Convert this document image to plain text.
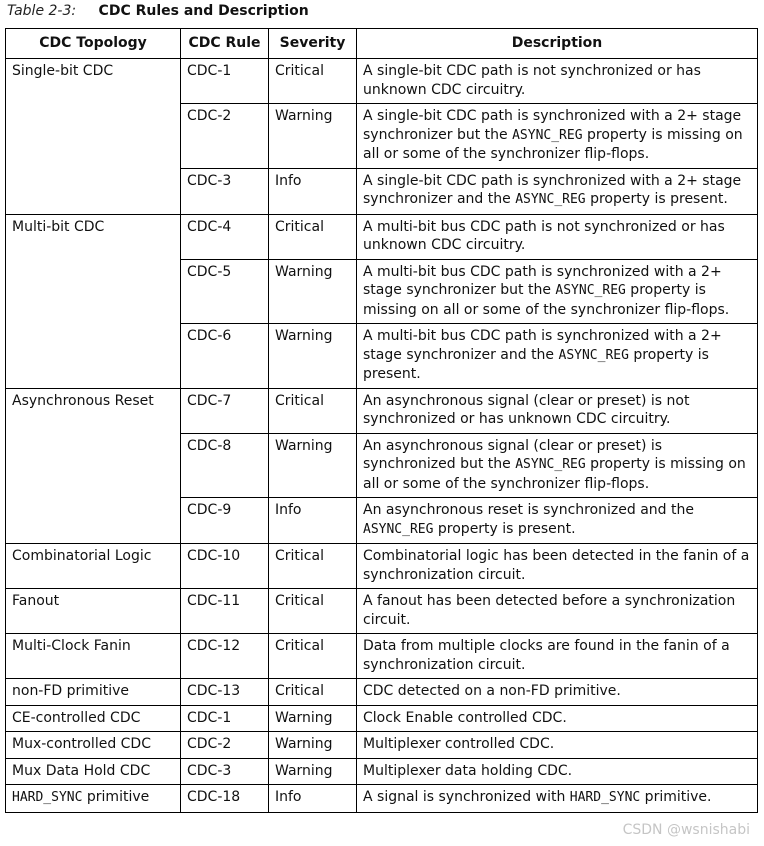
Table 2-3: CDC Rules and Description
CDC Topology	CDC Rule	Severity	Description
Single-bit CDC	CDC-1	Critical	A single-bit CDC path is not synchronized or has unknown CDC circuitry.
	CDC-2	Warning	A single-bit CDC path is synchronized with a 2+ stage synchronizer but the ASYNC_REG property is missing on all or some of the synchronizer flip-flops.
	CDC-3	Info	A single-bit CDC path is synchronized with a 2+ stage synchronizer and the ASYNC_REG property is present.
Multi-bit CDC	CDC-4	Critical	A multi-bit bus CDC path is not synchronized or has unknown CDC circuitry.
	CDC-5	Warning	A multi-bit bus CDC path is synchronized with a 2+ stage synchronizer but the ASYNC_REG property is missing on all or some of the synchronizer flip-flops.
	CDC-6	Warning	A multi-bit bus CDC path is synchronized with a 2+ stage synchronizer and the ASYNC_REG property is present.
Asynchronous Reset	CDC-7	Critical	An asynchronous signal (clear or preset) is not synchronized or has unknown CDC circuitry.
	CDC-8	Warning	An asynchronous signal (clear or preset) is synchronized but the ASYNC_REG property is missing on all or some of the synchronizer flip-flops.
	CDC-9	Info	An asynchronous reset is synchronized and the ASYNC_REG property is present.
Combinatorial Logic	CDC-10	Critical	Combinatorial logic has been detected in the fanin of a synchronization circuit.
Fanout	CDC-11	Critical	A fanout has been detected before a synchronization circuit.
Multi-Clock Fanin	CDC-12	Critical	Data from multiple clocks are found in the fanin of a synchronization circuit.
non-FD primitive	CDC-13	Critical	CDC detected on a non-FD primitive.
CE-controlled CDC	CDC-1	Warning	Clock Enable controlled CDC.
Mux-controlled CDC	CDC-2	Warning	Multiplexer controlled CDC.
Mux Data Hold CDC	CDC-3	Warning	Multiplexer data holding CDC.
HARD_SYNC primitive	CDC-18	Info	A signal is synchronized with HARD_SYNC primitive.
CSDN @wsnishabi
